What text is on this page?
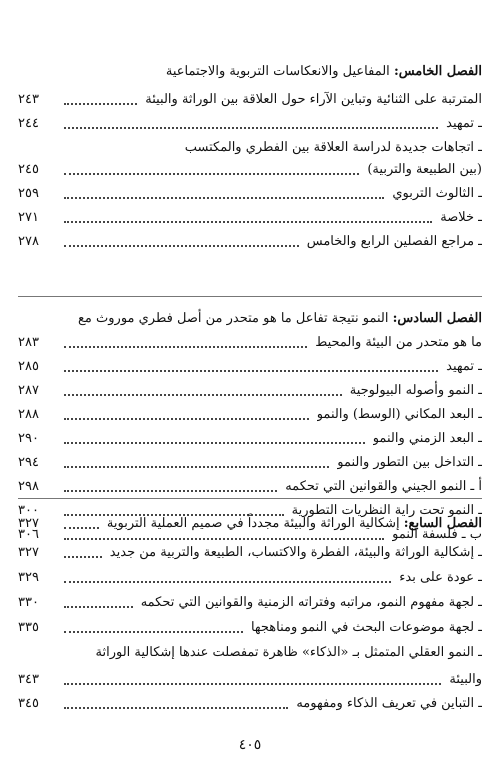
الفصل الخامس: المفاعيل والانعكاسات التربوية والاجتماعية
المترتبة على الثنائية وتباين الآراء حول العلاقة بين الوراثة والبيئة
٢٤٣
ـ تمهيد
٢٤٤
ـ اتجاهات جديدة لدراسة العلاقة بين الفطري والمكتسب
(بين الطبيعة والتربية)
٢٤٥
ـ الثالوث التربوي
٢٥٩
ـ خلاصة
٢٧١
ـ مراجع الفصلين الرابع والخامس
٢٧٨
الفصل السادس: النمو نتيجة تفاعل ما هو متحدر من أصل فطري موروث مع
ما هو متحدر من البيئة والمحيط
٢٨٣
ـ تمهيد
٢٨٥
ـ النمو وأصوله البيولوجية
٢٨٧
ـ البعد المكاني (الوسط) والنمو
٢٨٨
ـ البعد الزمني والنمو
٢٩٠
ـ التداخل بين التطور والنمو
٢٩٤
أ ـ النمو الجيني والقوانين التي تحكمه
٢٩٨
ـ النمو تحت راية النظريات التطورية
٣٠٠
ب ـ فلسفة النمو
٣٠٦
الفصل السابع: إشكالية الوراثة والبيئة مجدداً في صميم العملية التربوية
٣٢٧
ـ إشكالية الوراثة والبيئة، الفطرة والاكتساب، الطبيعة والتربية من جديد
٣٢٧
ـ عودة على بدء
٣٢٩
ـ لجهة مفهوم النمو، مراتبه وفتراته الزمنية والقوانين التي تحكمه
٣٣٠
ـ لجهة موضوعات البحث في النمو ومناهجها
٣٣٥
ـ النمو العقلي المتمثل بـ «الذكاء» ظاهرة تمفصلت عندها إشكالية الوراثة
والبيئة
٣٤٣
ـ التباين في تعريف الذكاء ومفهومه
٣٤٥
٤٠٥
